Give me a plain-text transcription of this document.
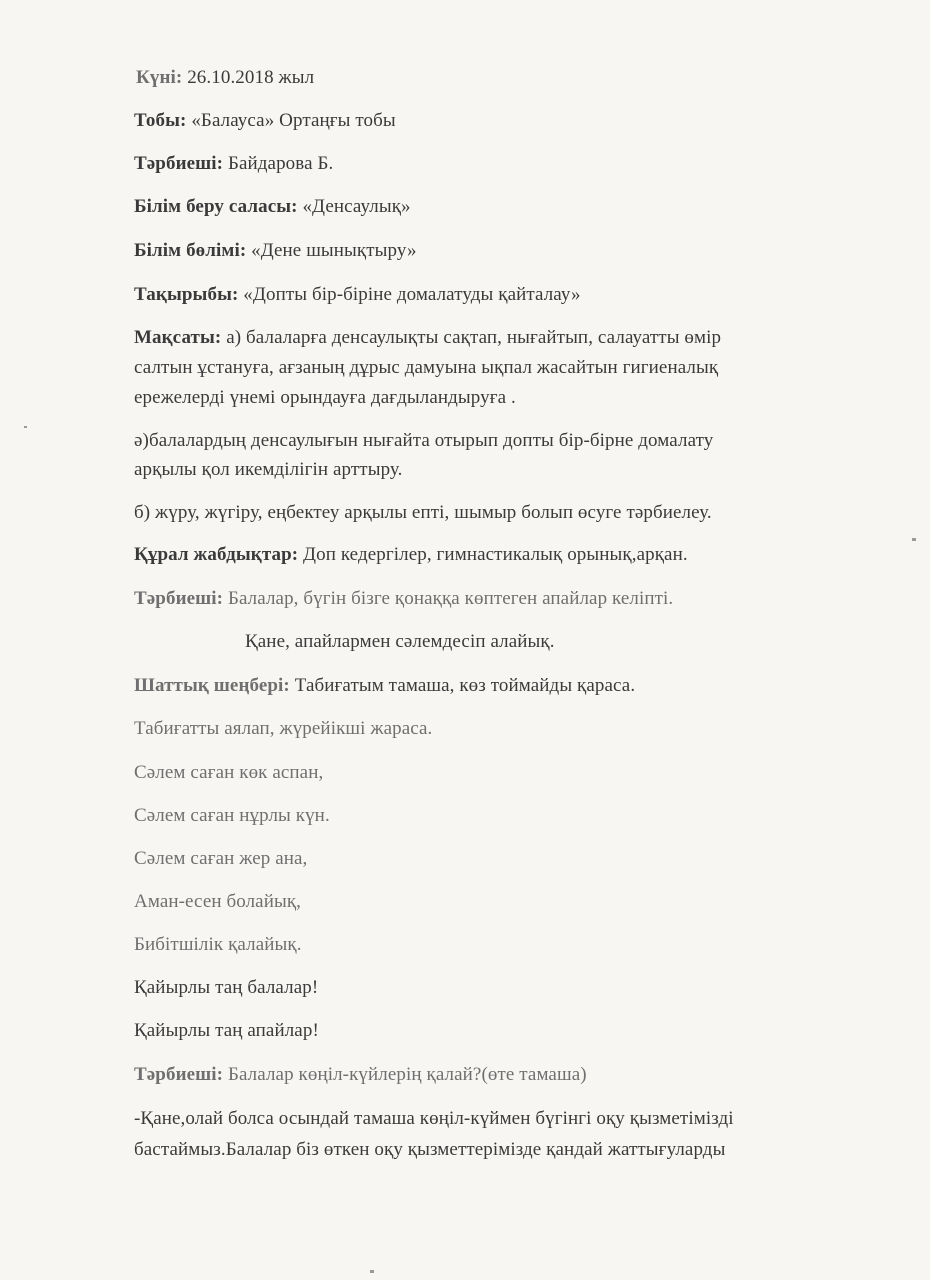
Күні: 26.10.2018 жыл
Тобы: «Балауса» Ортаңғы тобы
Тәрбиеші: Байдарова Б.
Білім беру саласы: «Денсаулық»
Білім бөлімі: «Дене шынықтыру»
Тақырыбы: «Допты бір-біріне домалатуды қайталау»
Мақсаты: а) балаларға денсаулықты сақтап, нығайтып, салауатты өмір
салтын ұстануға, ағзаның дұрыс дамуына ықпал жасайтын гигиеналық
ережелерді үнемі орындауға дағдыландыруға .
ә)балалардың денсаулығын нығайта отырып допты бір-бірне домалату
арқылы қол икемділігін арттыру.
б) жүру, жүгіру, еңбектеу арқылы епті, шымыр болып өсуге тәрбиелеу.
Құрал жабдықтар: Доп кедергілер, гимнастикалық орынық,арқан.
Тәрбиеші: Балалар, бүгін бізге қонаққа көптеген апайлар келіпті.
Қане, апайлармен сәлемдесіп алайық.
Шаттық шеңбері: Табиғатым тамаша, көз тоймайды қараса.
Табиғатты аялап, жүрейікші жараса.
Сәлем саған көк аспан,
Сәлем саған нұрлы күн.
Сәлем саған жер ана,
Аман-есен болайық,
Бибітшілік қалайық.
Қайырлы таң балалар!
Қайырлы таң апайлар!
Тәрбиеші: Балалар көңіл-күйлерің қалай?(өте тамаша)
-Қане,олай болса осындай тамаша көңіл-күймен бүгінгі оқу қызметімізді
бастаймыз.Балалар біз өткен оқу қызметтерімізде қандай жаттығуларды
